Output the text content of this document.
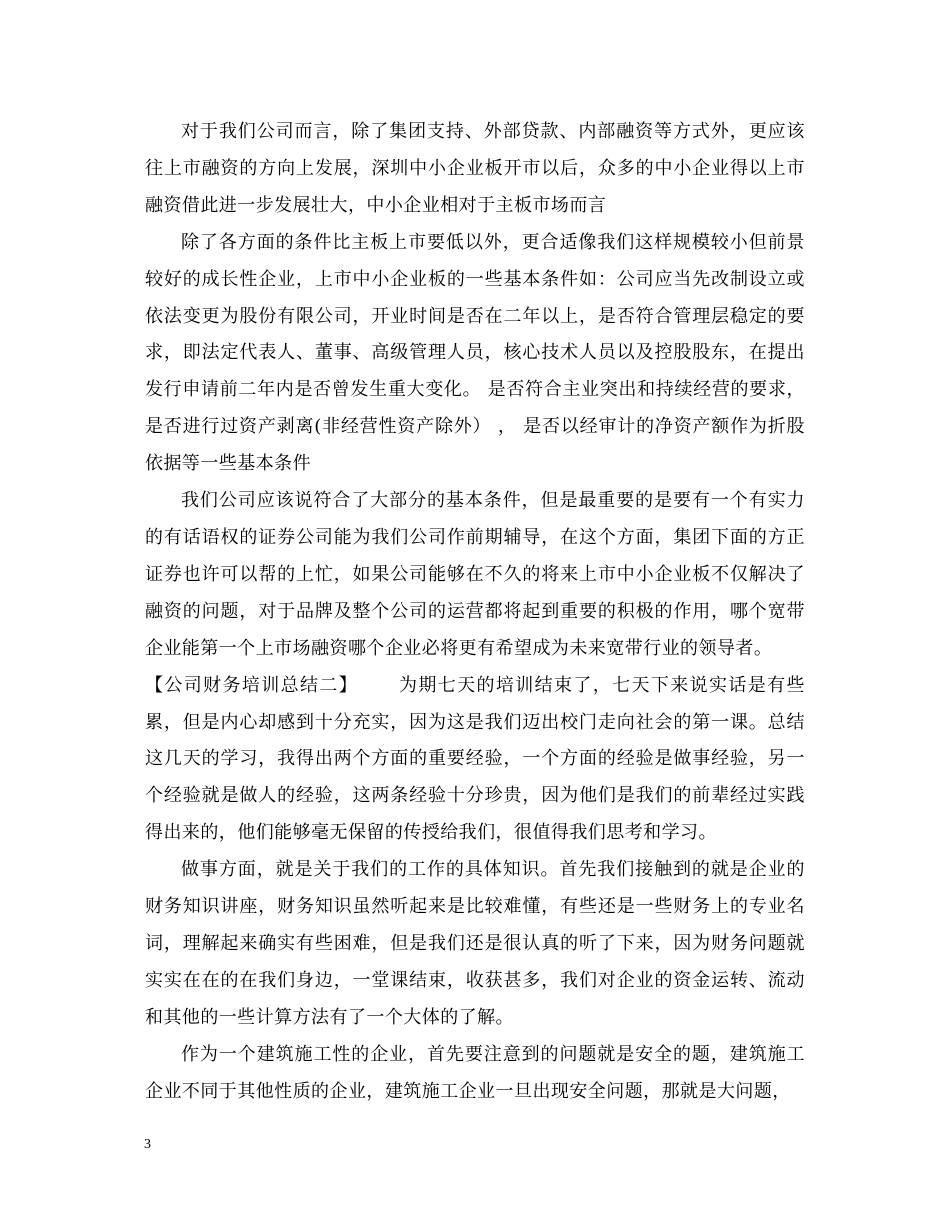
对于我们公司而言，除了集团支持、外部贷款、内部融资等方式外，更应该往上市融资的方向上发展，深圳中小企业板开市以后，众多的中小企业得以上市融资借此进一步发展壮大，中小企业相对于主板市场而言

除了各方面的条件比主板上市要低以外，更合适像我们这样规模较小但前景较好的成长性企业，上市中小企业板的一些基本条件如：公司应当先改制设立或依法变更为股份有限公司，开业时间是否在二年以上，是否符合管理层稳定的要求，即法定代表人、董事、高级管理人员，核心技术人员以及控股股东，在提出发行申请前二年内是否曾发生重大变化。 是否符合主业突出和持续经营的要求，是否进行过资产剥离(非经营性资产除外） ， 是否以经审计的净资产额作为折股依据等一些基本条件

我们公司应该说符合了大部分的基本条件，但是最重要的是要有一个有实力的有话语权的证券公司能为我们公司作前期辅导，在这个方面，集团下面的方正证券也许可以帮的上忙，如果公司能够在不久的将来上市中小企业板不仅解决了融资的问题，对于品牌及整个公司的运营都将起到重要的积极的作用，哪个宽带企业能第一个上市场融资哪个企业必将更有希望成为未来宽带行业的领导者。

【公司财务培训总结二】 为期七天的培训结束了，七天下来说实话是有些累，但是内心却感到十分充实，因为这是我们迈出校门走向社会的第一课。总结这几天的学习，我得出两个方面的重要经验，一个方面的经验是做事经验，另一个经验就是做人的经验，这两条经验十分珍贵，因为他们是我们的前辈经过实践得出来的，他们能够毫无保留的传授给我们，很值得我们思考和学习。

做事方面，就是关于我们的工作的具体知识。首先我们接触到的就是企业的财务知识讲座，财务知识虽然听起来是比较难懂，有些还是一些财务上的专业名词，理解起来确实有些困难，但是我们还是很认真的听了下来，因为财务问题就实实在在的在我们身边，一堂课结束，收获甚多，我们对企业的资金运转、流动和其他的一些计算方法有了一个大体的了解。

作为一个建筑施工性的企业，首先要注意到的问题就是安全的题，建筑施工企业不同于其他性质的企业，建筑施工企业一旦出现安全问题，那就是大问题，

3
